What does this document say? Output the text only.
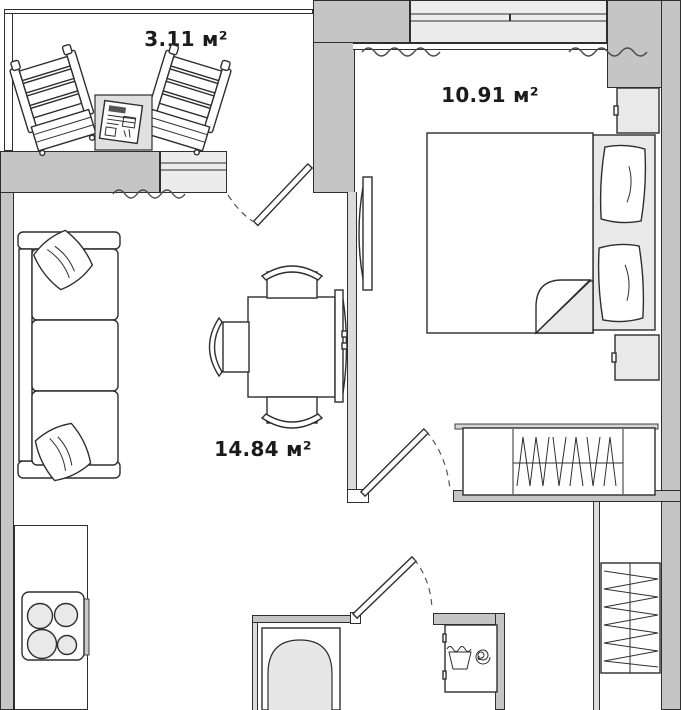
3.11 м²
10.91 м²
14.84 м²
